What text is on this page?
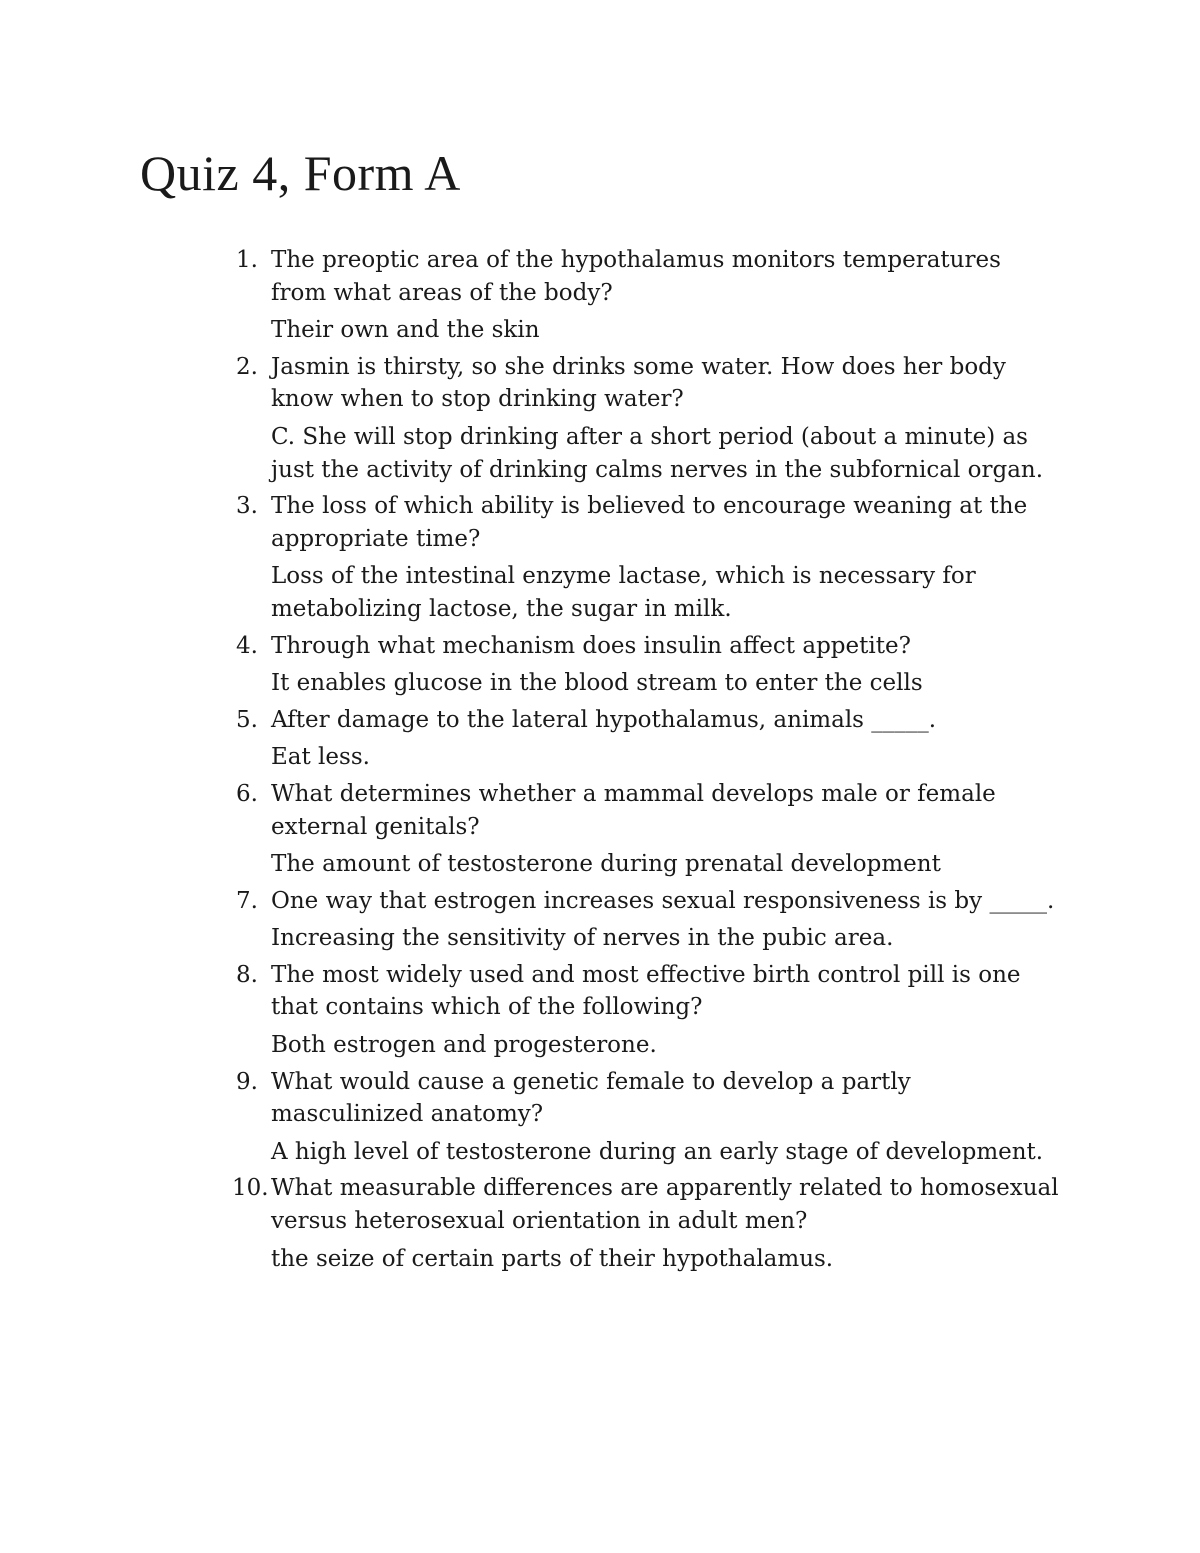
Quiz 4, Form A
1. The preoptic area of the hypothalamus monitors temperatures from what areas of the body?
Their own and the skin
2. Jasmin is thirsty, so she drinks some water. How does her body know when to stop drinking water?
C. She will stop drinking after a short period (about a minute) as just the activity of drinking calms nerves in the subfornical organ.
3. The loss of which ability is believed to encourage weaning at the appropriate time?
Loss of the intestinal enzyme lactase, which is necessary for metabolizing lactose, the sugar in milk.
4. Through what mechanism does insulin affect appetite?
It enables glucose in the blood stream to enter the cells
5. After damage to the lateral hypothalamus, animals _____.
Eat less.
6. What determines whether a mammal develops male or female external genitals?
The amount of testosterone during prenatal development
7. One way that estrogen increases sexual responsiveness is by _____.
Increasing the sensitivity of nerves in the pubic area.
8. The most widely used and most effective birth control pill is one that contains which of the following?
Both estrogen and progesterone.
9. What would cause a genetic female to develop a partly masculinized anatomy?
A high level of testosterone during an early stage of development.
10. What measurable differences are apparently related to homosexual versus heterosexual orientation in adult men?
the seize of certain parts of their hypothalamus.
